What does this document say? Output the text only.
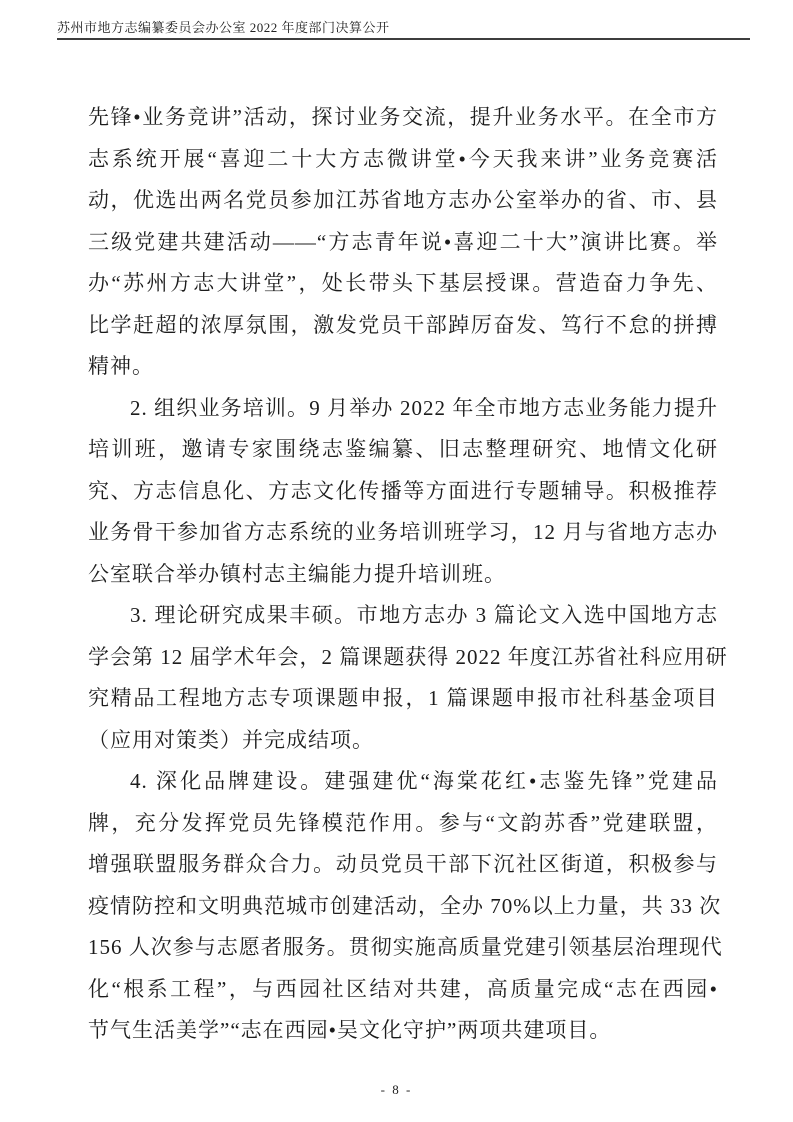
苏州市地方志编纂委员会办公室 2022 年度部门决算公开
先锋•业务竞讲”活动，探讨业务交流，提升业务水平。在全市方
志系统开展“喜迎二十大方志微讲堂•今天我来讲”业务竞赛活
动，优选出两名党员参加江苏省地方志办公室举办的省、市、县
三级党建共建活动——“方志青年说•喜迎二十大”演讲比赛。举
办“苏州方志大讲堂”，处长带头下基层授课。营造奋力争先、
比学赶超的浓厚氛围，激发党员干部踔厉奋发、笃行不怠的拼搏
精神。
2. 组织业务培训。9 月举办 2022 年全市地方志业务能力提升
培训班，邀请专家围绕志鉴编纂、旧志整理研究、地情文化研
究、方志信息化、方志文化传播等方面进行专题辅导。积极推荐
业务骨干参加省方志系统的业务培训班学习，12 月与省地方志办
公室联合举办镇村志主编能力提升培训班。
3. 理论研究成果丰硕。市地方志办 3 篇论文入选中国地方志
学会第 12 届学术年会，2 篇课题获得 2022 年度江苏省社科应用研
究精品工程地方志专项课题申报，1 篇课题申报市社科基金项目
（应用对策类）并完成结项。
4. 深化品牌建设。建强建优“海棠花红•志鉴先锋”党建品
牌，充分发挥党员先锋模范作用。参与“文韵苏香”党建联盟，
增强联盟服务群众合力。动员党员干部下沉社区街道，积极参与
疫情防控和文明典范城市创建活动，全办 70%以上力量，共 33 次
156 人次参与志愿者服务。贯彻实施高质量党建引领基层治理现代
化“根系工程”，与西园社区结对共建，高质量完成“志在西园•
节气生活美学”“志在西园•吴文化守护”两项共建项目。
- 8 -
